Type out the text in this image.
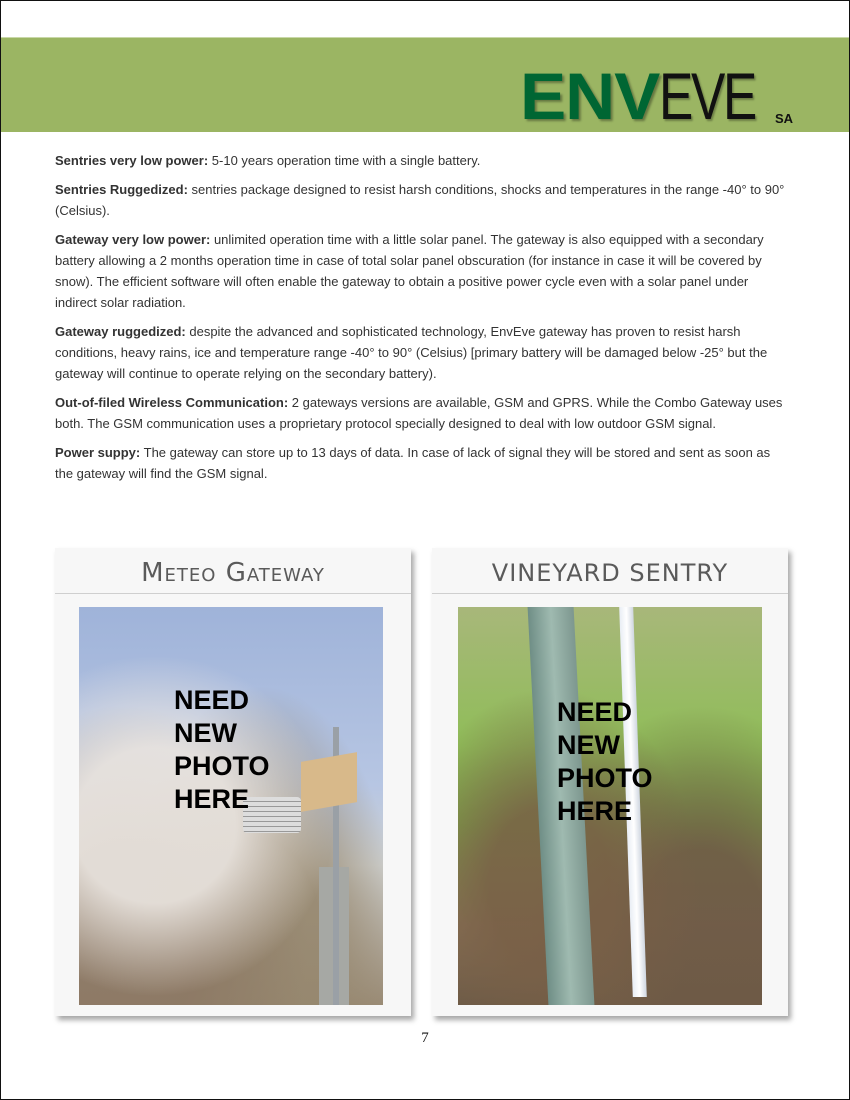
ENV EVE SA

Sentries very low power: 5-10 years operation time with a single battery.

Sentries Ruggedized: sentries package designed to resist harsh conditions, shocks and temperatures in the range -40° to 90° (Celsius).

Gateway very low power: unlimited operation time with a little solar panel. The gateway is also equipped with a secondary battery allowing a 2 months operation time in case of total solar panel obscuration (for instance in case it will be covered by snow). The efficient software will often enable the gateway to obtain a positive power cycle even with a solar panel under indirect solar radiation.

Gateway ruggedized: despite the advanced and sophisticated technology, EnvEve gateway has proven to resist harsh conditions, heavy rains, ice and temperature range -40° to 90° (Celsius) [primary battery will be damaged below -25° but the gateway will continue to operate relying on the secondary battery).

Out-of-filed Wireless Communication: 2 gateways versions are available, GSM and GPRS. While the Combo Gateway uses both. The GSM communication uses a proprietary protocol specially designed to deal with low outdoor GSM signal.

Power suppy: The gateway can store up to 13 days of data. In case of lack of signal they will be stored and sent as soon as the gateway will find the GSM signal.

Meteo Gateway
NEED
NEW
PHOTO
HERE
VINEYARD SENTRY
NEED
NEW
PHOTO
HERE
7
